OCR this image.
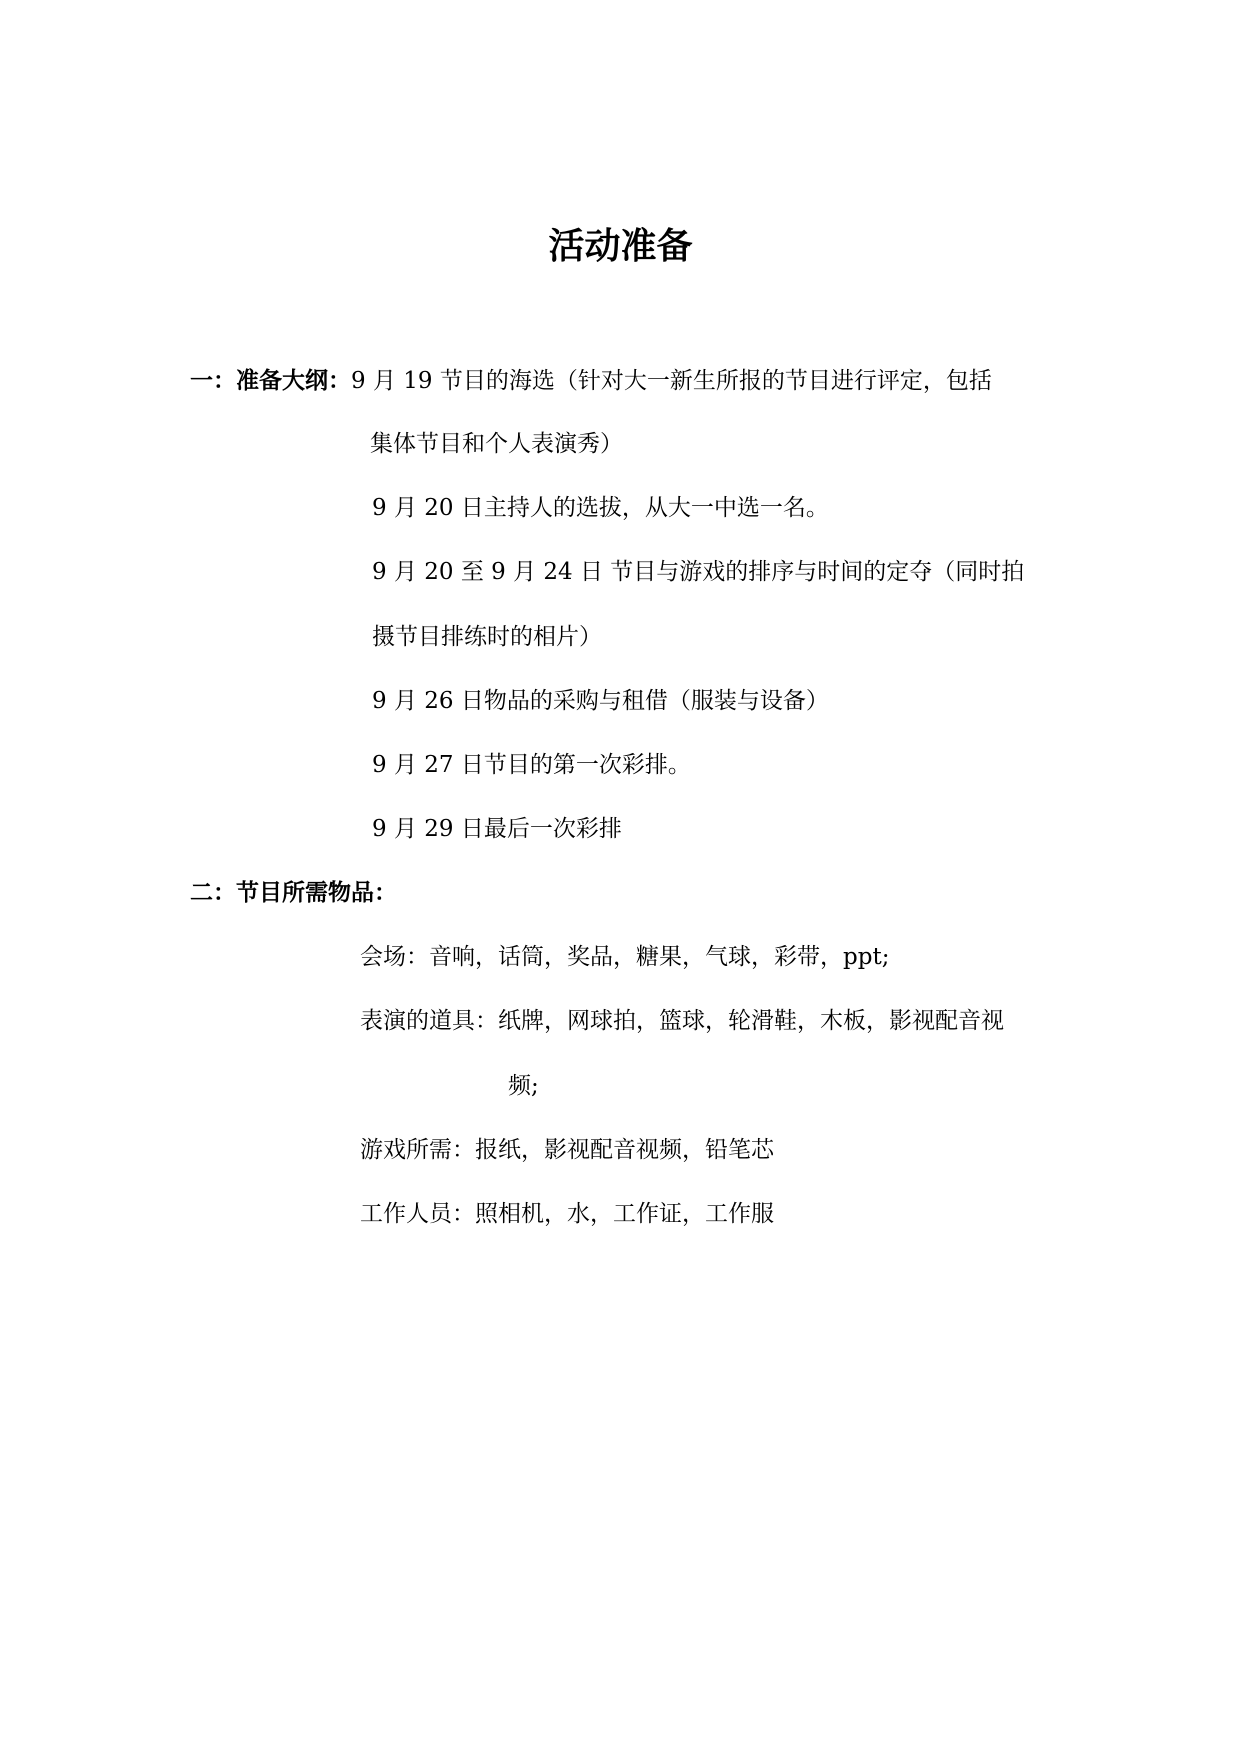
活动准备
一：准备大纲：9 月 19 节目的海选（针对大一新生所报的节目进行评定，包括
集体节目和个人表演秀）
9 月 20 日主持人的选拔，从大一中选一名。
9 月 20 至 9 月 24 日 节目与游戏的排序与时间的定夺（同时拍
摄节目排练时的相片）
9 月 26 日物品的采购与租借（服装与设备）
9 月 27 日节目的第一次彩排。
9 月 29 日最后一次彩排
二：节目所需物品：
会场：音响，话筒，奖品，糖果，气球，彩带，ppt;
表演的道具：纸牌，网球拍，篮球，轮滑鞋，木板，影视配音视
频;
游戏所需：报纸，影视配音视频，铅笔芯
工作人员：照相机，水，工作证，工作服
